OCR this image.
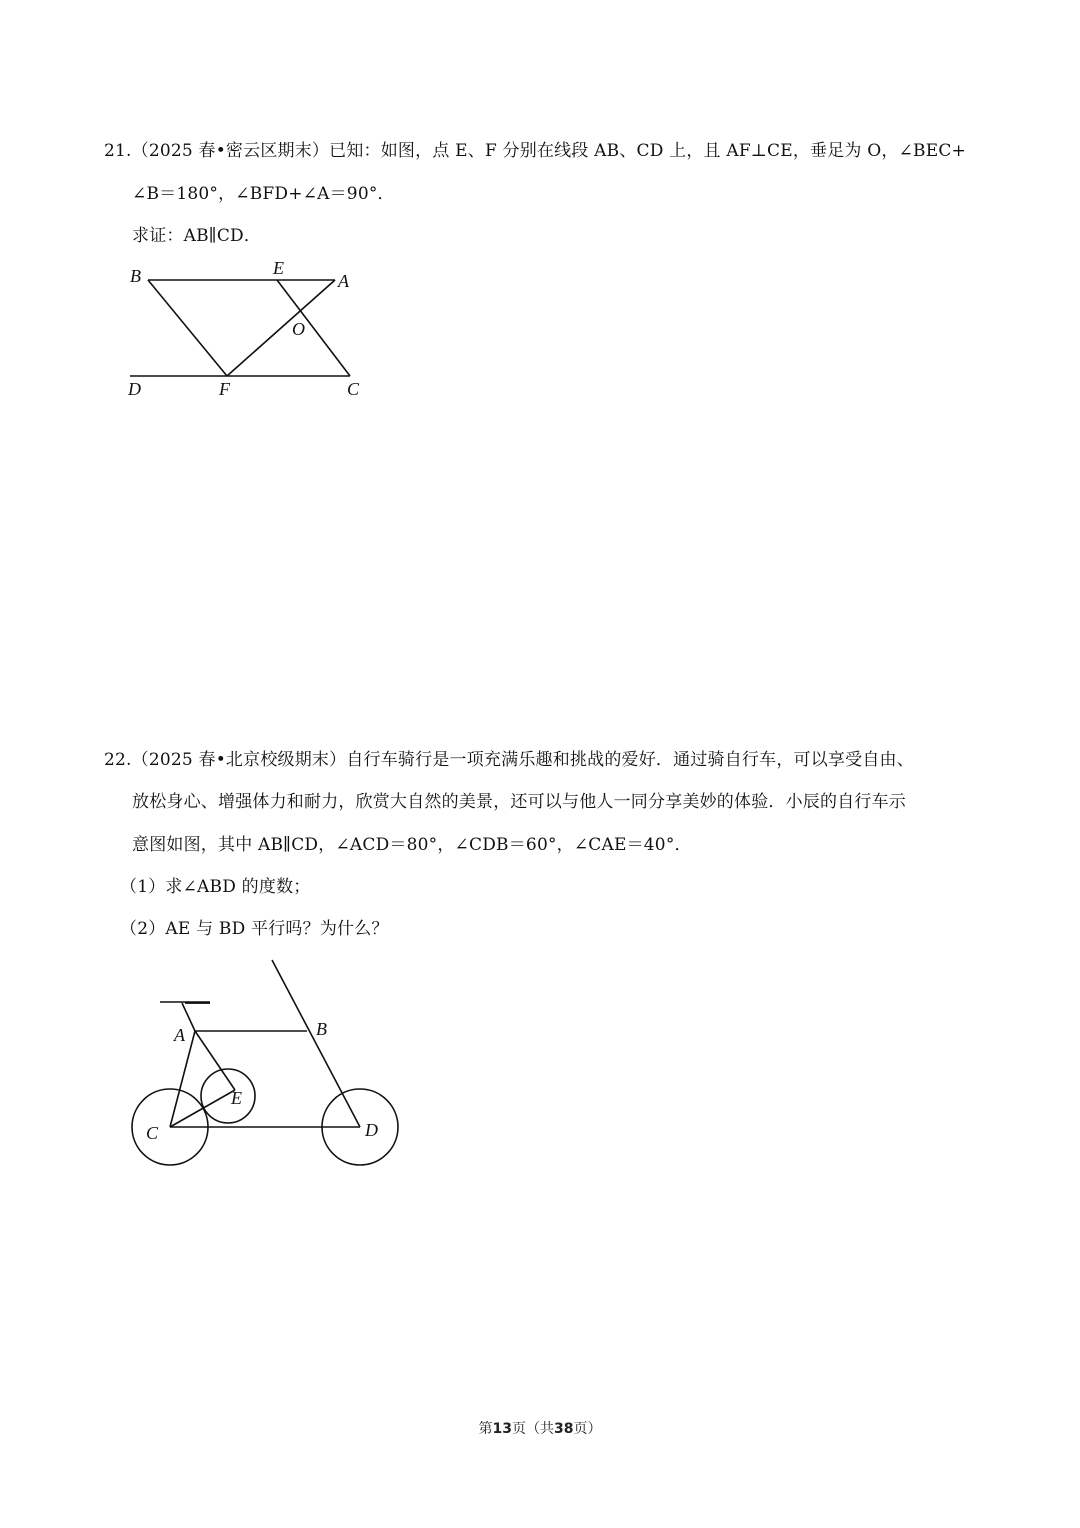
21.（2025 春•密云区期末）已知：如图，点 E、F 分别在线段 AB、CD 上，且 AF⊥CE，垂足为 O，∠BEC+
∠B＝180°，∠BFD+∠A＝90°．
求证：AB∥CD．
B	E
A
O
D	F	C
22.（2025 春•北京校级期末）自行车骑行是一项充满乐趣和挑战的爱好．通过骑自行车，可以享受自由、
放松身心、增强体力和耐力，欣赏大自然的美景，还可以与他人一同分享美妙的体验．小辰的自行车示
意图如图，其中 AB∥CD，∠ACD＝80°，∠CDB＝60°，∠CAE＝40°．
（1）求∠ABD 的度数；
（2）AE 与 BD 平行吗？为什么？
A	B
E
C	D
第13页（共38页）
